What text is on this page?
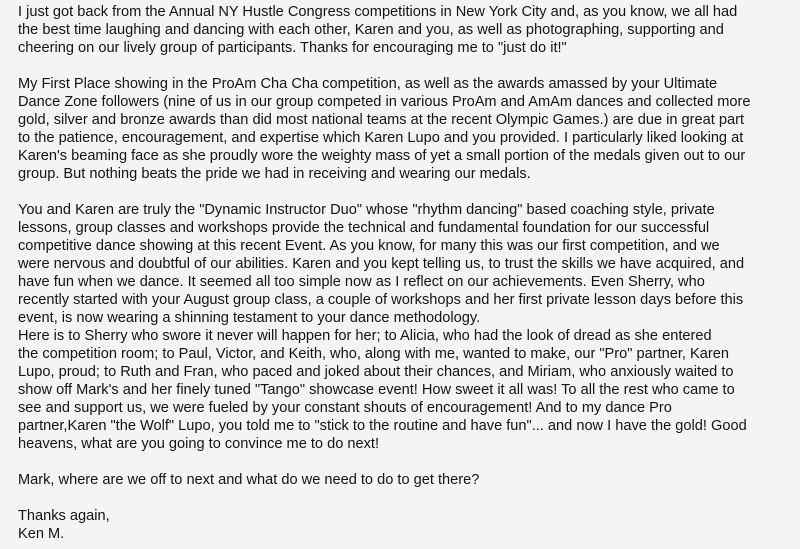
I just got back from the Annual NY Hustle Congress competitions in New York City and, as you know, we all had
the best time laughing and dancing with each other, Karen and you, as well as photographing, supporting and
cheering on our lively group of participants. Thanks for encouraging me to "just do it!"
My First Place showing in the ProAm Cha Cha competition, as well as the awards amassed by your Ultimate
Dance Zone followers (nine of us in our group competed in various ProAm and AmAm dances and collected more
gold, silver and bronze awards than did most national teams at the recent Olympic Games.) are due in great part
to the patience, encouragement, and expertise which Karen Lupo and you provided. I particularly liked looking at
Karen's beaming face as she proudly wore the weighty mass of yet a small portion of the medals given out to our
group. But nothing beats the pride we had in receiving and wearing our medals.
You and Karen are truly the "Dynamic Instructor Duo" whose "rhythm dancing" based coaching style, private
lessons, group classes and workshops provide the technical and fundamental foundation for our successful
competitive dance showing at this recent Event. As you know, for many this was our first competition, and we
were nervous and doubtful of our abilities. Karen and you kept telling us, to trust the skills we have acquired, and
have fun when we dance. It seemed all too simple now as I reflect on our achievements. Even Sherry, who
recently started with your August group class, a couple of workshops and her first private lesson days before this
event, is now wearing a shinning testament to your dance methodology.
Here is to Sherry who swore it never will happen for her; to Alicia, who had the look of dread as she entered
the competition room; to Paul, Victor, and Keith, who, along with me, wanted to make, our "Pro" partner, Karen
Lupo, proud; to Ruth and Fran, who paced and joked about their chances, and Miriam, who anxiously waited to
show off Mark's and her finely tuned "Tango" showcase event! How sweet it all was! To all the rest who came to
see and support us, we were fueled by your constant shouts of encouragement! And to my dance Pro
partner,Karen "the Wolf" Lupo, you told me to "stick to the routine and have fun"... and now I have the gold! Good
heavens, what are you going to convince me to do next!
Mark, where are we off to next and what do we need to do to get there?
Thanks again,
Ken M.
